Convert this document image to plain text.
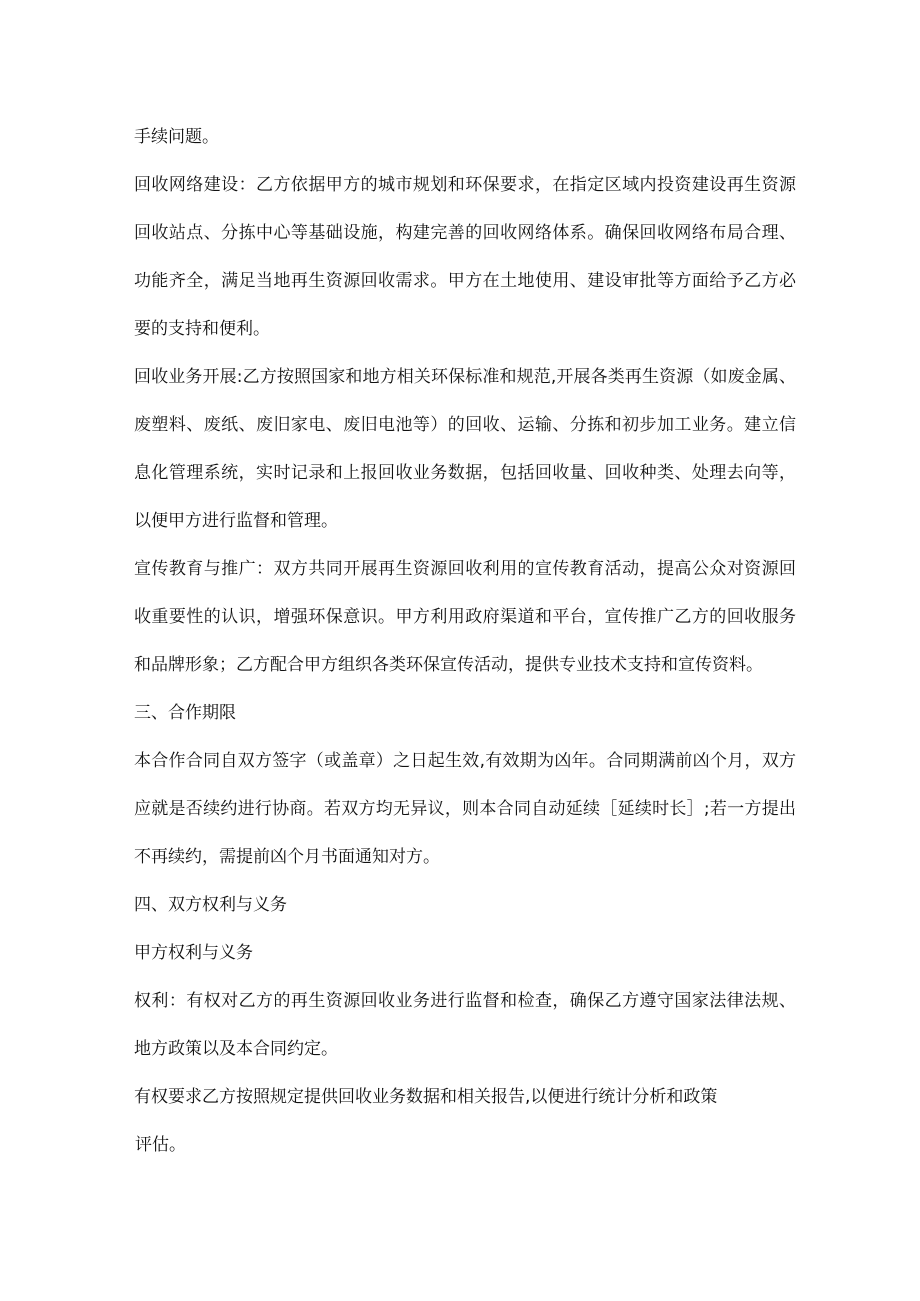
手续问题。

回收网络建设：乙方依据甲方的城市规划和环保要求，在指定区域内投资建设再生资源回收站点、分拣中心等基础设施，构建完善的回收网络体系。确保回收网络布局合理、功能齐全，满足当地再生资源回收需求。甲方在土地使用、建设审批等方面给予乙方必要的支持和便利。

回收业务开展:乙方按照国家和地方相关环保标准和规范,开展各类再生资源（如废金属、废塑料、废纸、废旧家电、废旧电池等）的回收、运输、分拣和初步加工业务。建立信息化管理系统，实时记录和上报回收业务数据，包括回收量、回收种类、处理去向等，以便甲方进行监督和管理。

宣传教育与推广：双方共同开展再生资源回收利用的宣传教育活动，提高公众对资源回收重要性的认识，增强环保意识。甲方利用政府渠道和平台，宣传推广乙方的回收服务和品牌形象；乙方配合甲方组织各类环保宣传活动，提供专业技术支持和宣传资料。

三、合作期限

本合作合同自双方签字（或盖章）之日起生效,有效期为凶年。合同期满前凶个月，双方应就是否续约进行协商。若双方均无异议，则本合同自动延续［延续时长］;若一方提出不再续约，需提前凶个月书面通知对方。

四、双方权利与义务

甲方权利与义务

权利：有权对乙方的再生资源回收业务进行监督和检查，确保乙方遵守国家法律法规、地方政策以及本合同约定。

有权要求乙方按照规定提供回收业务数据和相关报告,以便进行统计分析和政策

评估。
